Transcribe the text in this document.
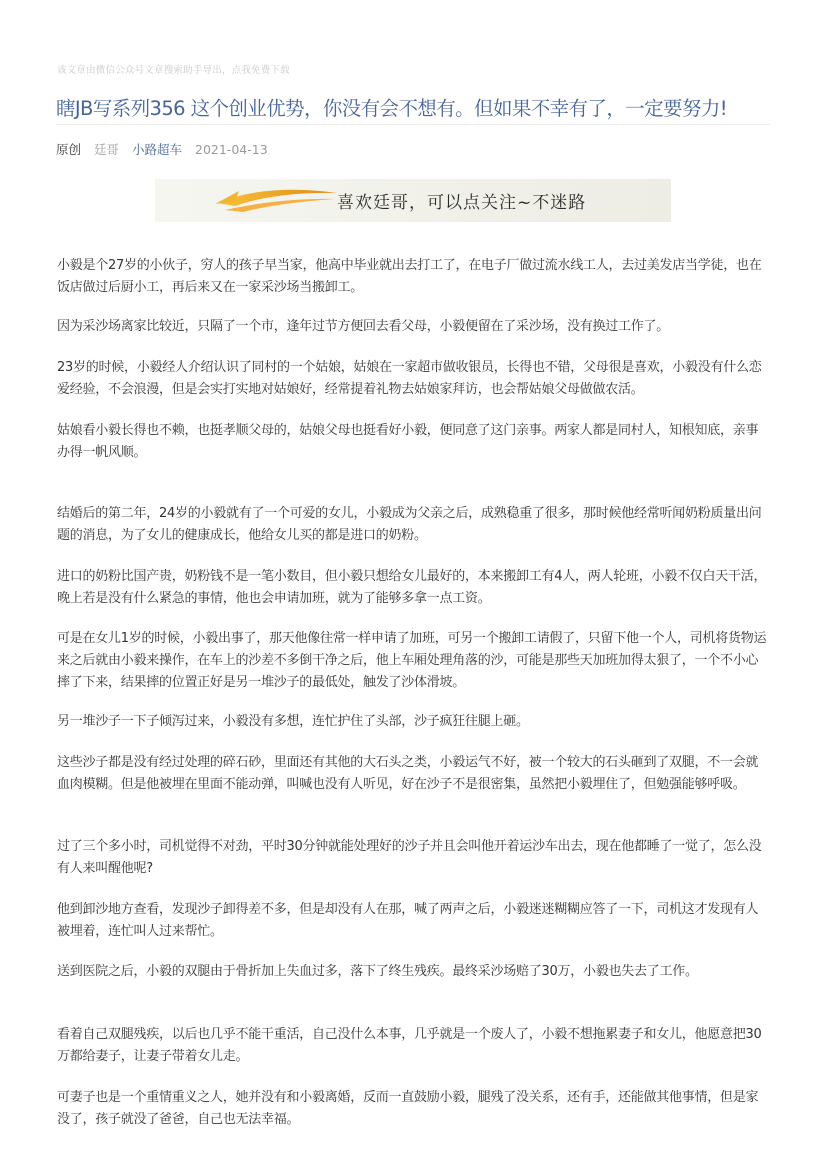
该文章由微信公众号文章搜索助手导出，点我免费下载
瞎JB写系列356 这个创业优势，你没有会不想有。但如果不幸有了，一定要努力!
原创 廷哥 小路超车 2021-04-13
喜欢廷哥，可以点关注~不迷路

小毅是个27岁的小伙子，穷人的孩子早当家，他高中毕业就出去打工了，在电子厂做过流水线工人，去过美发店当学徒，也在饭店做过后厨小工，再后来又在一家采沙场当搬卸工。

因为采沙场离家比较近，只隔了一个市，逢年过节方便回去看父母，小毅便留在了采沙场，没有换过工作了。

23岁的时候，小毅经人介绍认识了同村的一个姑娘，姑娘在一家超市做收银员，长得也不错，父母很是喜欢，小毅没有什么恋爱经验，不会浪漫，但是会实打实地对姑娘好，经常提着礼物去姑娘家拜访，也会帮姑娘父母做做农活。

姑娘看小毅长得也不赖，也挺孝顺父母的，姑娘父母也挺看好小毅，便同意了这门亲事。两家人都是同村人，知根知底，亲事办得一帆风顺。

结婚后的第二年，24岁的小毅就有了一个可爱的女儿，小毅成为父亲之后，成熟稳重了很多，那时候他经常听闻奶粉质量出问题的消息，为了女儿的健康成长，他给女儿买的都是进口的奶粉。

进口的奶粉比国产贵，奶粉钱不是一笔小数目，但小毅只想给女儿最好的，本来搬卸工有4人，两人轮班，小毅不仅白天干活，晚上若是没有什么紧急的事情，他也会申请加班，就为了能够多拿一点工资。

可是在女儿1岁的时候，小毅出事了，那天他像往常一样申请了加班，可另一个搬卸工请假了，只留下他一个人，司机将货物运来之后就由小毅来操作，在车上的沙差不多倒干净之后，他上车厢处理角落的沙，可能是那些天加班加得太狠了，一个不小心摔了下来，结果摔的位置正好是另一堆沙子的最低处，触发了沙体滑坡。

另一堆沙子一下子倾泻过来，小毅没有多想，连忙护住了头部，沙子疯狂往腿上砸。

这些沙子都是没有经过处理的碎石砂，里面还有其他的大石头之类，小毅运气不好，被一个较大的石头砸到了双腿，不一会就血肉模糊。但是他被埋在里面不能动弹，叫喊也没有人听见，好在沙子不是很密集，虽然把小毅埋住了，但勉强能够呼吸。

过了三个多小时，司机觉得不对劲，平时30分钟就能处理好的沙子并且会叫他开着运沙车出去，现在他都睡了一觉了，怎么没有人来叫醒他呢?

他到卸沙地方查看，发现沙子卸得差不多，但是却没有人在那，喊了两声之后，小毅迷迷糊糊应答了一下，司机这才发现有人被埋着，连忙叫人过来帮忙。

送到医院之后，小毅的双腿由于骨折加上失血过多，落下了终生残疾。最终采沙场赔了30万，小毅也失去了工作。

看着自己双腿残疾，以后也几乎不能干重活，自己没什么本事，几乎就是一个废人了，小毅不想拖累妻子和女儿，他愿意把30万都给妻子，让妻子带着女儿走。

可妻子也是一个重情重义之人，她并没有和小毅离婚，反而一直鼓励小毅，腿残了没关系，还有手，还能做其他事情，但是家没了，孩子就没了爸爸，自己也无法幸福。
